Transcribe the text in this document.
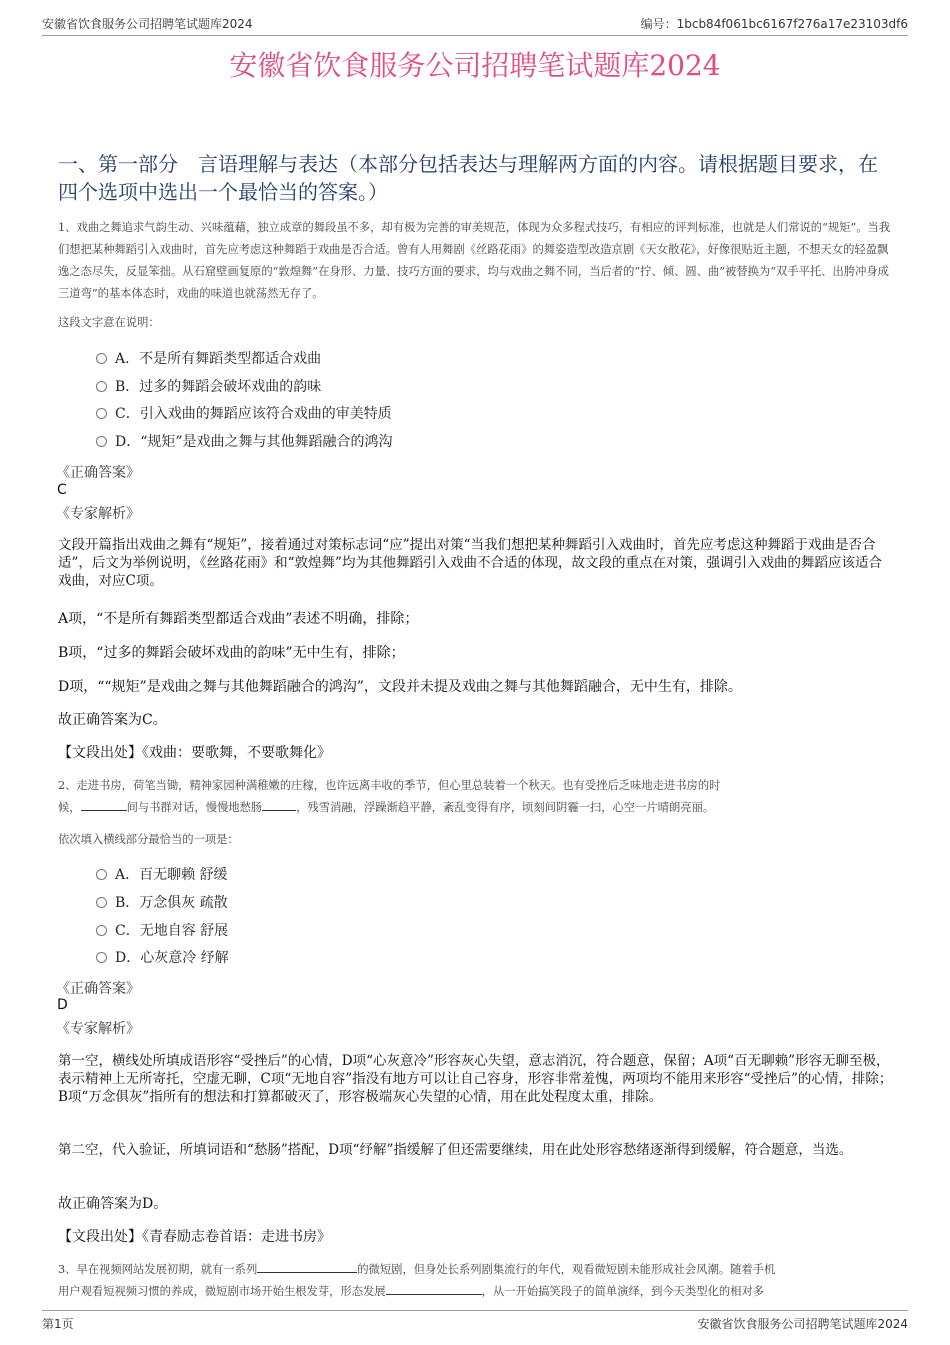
安徽省饮食服务公司招聘笔试题库2024	编号：1bcb84f061bc6167f276a17e23103df6
安徽省饮食服务公司招聘笔试题库2024
一、第一部分　言语理解与表达（本部分包括表达与理解两方面的内容。请根据题目要求，在四个选项中选出一个最恰当的答案。）
1、戏曲之舞追求气韵生动、兴味蕴藉，独立成章的舞段虽不多，却有极为完善的审美规范，体现为众多程式技巧，有相应的评判标准，也就是人们常说的“规矩”。当我们想把某种舞蹈引入戏曲时，首先应考虑这种舞蹈于戏曲是否合适。曾有人用舞剧《丝路花雨》的舞姿造型改造京剧《天女散花》，好像很贴近主题，不想天女的轻盈飘逸之态尽失，反显笨拙。从石窟壁画复原的“敦煌舞”在身形、力量、技巧方面的要求，均与戏曲之舞不同，当后者的“拧、倾、圆、曲”被替换为“双手平托、出胯冲身成三道弯”的基本体态时，戏曲的味道也就荡然无存了。
这段文字意在说明：
A．不是所有舞蹈类型都适合戏曲
B．过多的舞蹈会破坏戏曲的韵味
C．引入戏曲的舞蹈应该符合戏曲的审美特质
D．“规矩”是戏曲之舞与其他舞蹈融合的鸿沟
《正确答案》
C
《专家解析》
文段开篇指出戏曲之舞有“规矩”，接着通过对策标志词“应”提出对策“当我们想把某种舞蹈引入戏曲时，首先应考虑这种舞蹈于戏曲是否合适”，后文为举例说明，《丝路花雨》和“敦煌舞”均为其他舞蹈引入戏曲不合适的体现，故文段的重点在对策，强调引入戏曲的舞蹈应该适合戏曲，对应C项。
A项，“不是所有舞蹈类型都适合戏曲”表述不明确，排除；
B项，“过多的舞蹈会破坏戏曲的韵味”无中生有，排除；
D项，““规矩”是戏曲之舞与其他舞蹈融合的鸿沟”，文段并未提及戏曲之舞与其他舞蹈融合，无中生有，排除。
故正确答案为C。
【文段出处】《戏曲：要歌舞，不要歌舞化》
2、走进书房，荷笔当锄，精神家园种满稚嫩的庄稼，也许远离丰收的季节，但心里总装着一个秋天。也有受挫后乏味地走进书房的时
候，	间与书群对话，慢慢地愁肠	，残雪消融，浮躁渐趋平静，紊乱变得有序，顷刻间阴霾一扫，心空一片晴朗亮丽。
依次填入横线部分最恰当的一项是：
A．百无聊赖 舒缓
B．万念俱灰 疏散
C．无地自容 舒展
D．心灰意冷 纾解
《正确答案》
D
《专家解析》
第一空，横线处所填成语形容“受挫后”的心情，D项“心灰意冷”形容灰心失望，意志消沉，符合题意，保留；A项“百无聊赖”形容无聊至极，表示精神上无所寄托，空虚无聊，C项“无地自容”指没有地方可以让自己容身，形容非常羞愧，两项均不能用来形容“受挫后”的心情，排除；B项“万念俱灰”指所有的想法和打算都破灭了，形容极端灰心失望的心情，用在此处程度太重，排除。
第二空，代入验证，所填词语和“愁肠”搭配，D项“纾解”指缓解了但还需要继续，用在此处形容愁绪逐渐得到缓解，符合题意，当选。
故正确答案为D。
【文段出处】《青春励志卷首语：走进书房》
3、早在视频网站发展初期，就有一系列	的微短剧，但身处长系列剧集流行的年代，观看微短剧未能形成社会风潮。随着手机
用户观看短视频习惯的养成，微短剧市场开始生根发芽，形态发展	，从一开始搞笑段子的简单演绎，到今天类型化的相对多
第1页	安徽省饮食服务公司招聘笔试题库2024
